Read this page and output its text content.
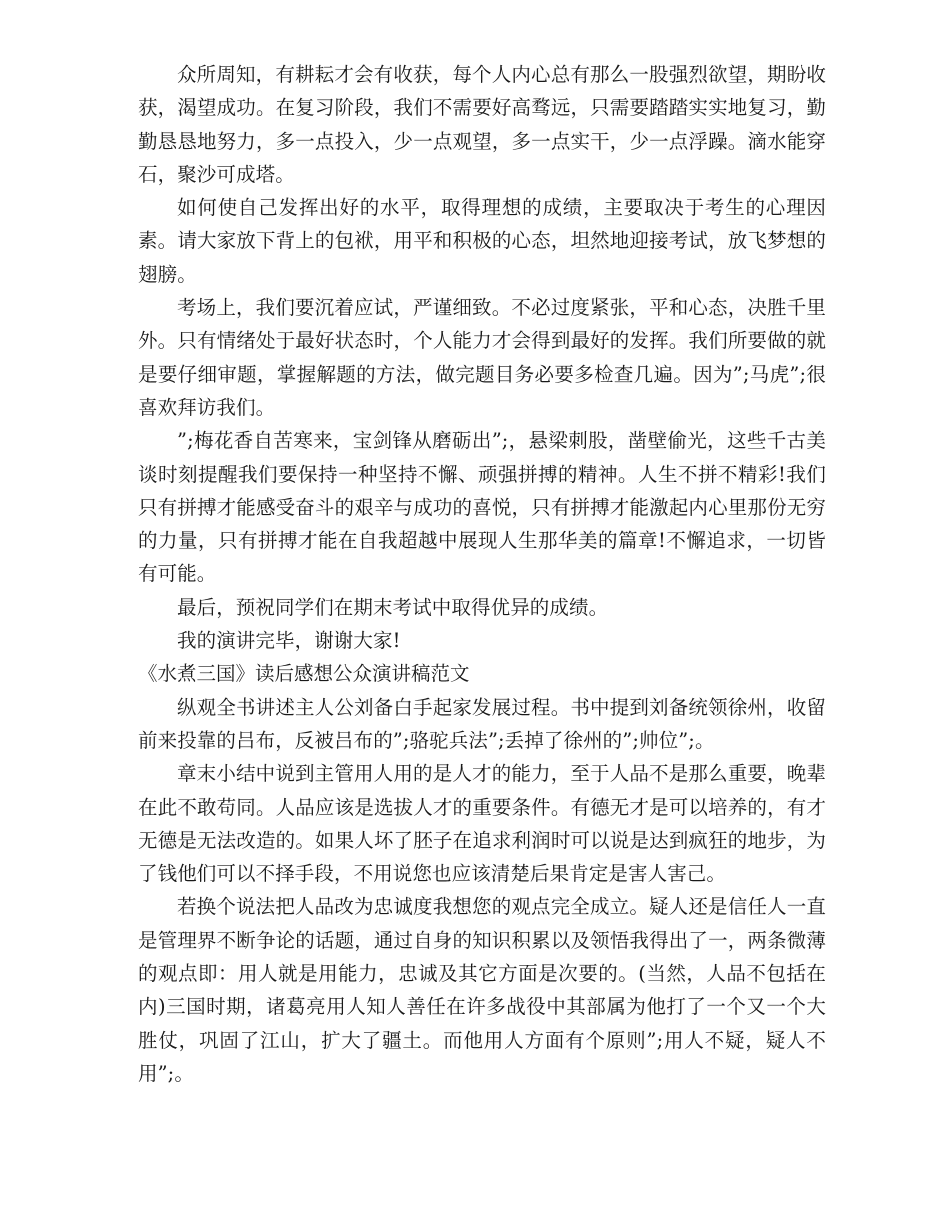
众所周知，有耕耘才会有收获，每个人内心总有那么一股强烈欲望，期盼收获，渴望成功。在复习阶段，我们不需要好高骛远，只需要踏踏实实地复习，勤勤恳恳地努力，多一点投入，少一点观望，多一点实干，少一点浮躁。滴水能穿石，聚沙可成塔。

如何使自己发挥出好的水平，取得理想的成绩，主要取决于考生的心理因素。请大家放下背上的包袱，用平和积极的心态，坦然地迎接考试，放飞梦想的翅膀。

考场上，我们要沉着应试，严谨细致。不必过度紧张，平和心态，决胜千里外。只有情绪处于最好状态时，个人能力才会得到最好的发挥。我们所要做的就是要仔细审题，掌握解题的方法，做完题目务必要多检查几遍。因为”;马虎”;很喜欢拜访我们。

”;梅花香自苦寒来，宝剑锋从磨砺出”;，悬梁刺股，凿壁偷光，这些千古美谈时刻提醒我们要保持一种坚持不懈、顽强拼搏的精神。人生不拼不精彩!我们只有拼搏才能感受奋斗的艰辛与成功的喜悦，只有拼搏才能激起内心里那份无穷的力量，只有拼搏才能在自我超越中展现人生那华美的篇章!不懈追求，一切皆有可能。

最后，预祝同学们在期末考试中取得优异的成绩。

我的演讲完毕，谢谢大家!

《水煮三国》读后感想公众演讲稿范文

纵观全书讲述主人公刘备白手起家发展过程。书中提到刘备统领徐州，收留前来投靠的吕布，反被吕布的”;骆驼兵法”;丢掉了徐州的”;帅位”;。

章末小结中说到主管用人用的是人才的能力，至于人品不是那么重要，晚辈在此不敢苟同。人品应该是选拔人才的重要条件。有德无才是可以培养的，有才无德是无法改造的。如果人坏了胚子在追求利润时可以说是达到疯狂的地步，为了钱他们可以不择手段，不用说您也应该清楚后果肯定是害人害己。

若换个说法把人品改为忠诚度我想您的观点完全成立。疑人还是信任人一直是管理界不断争论的话题，通过自身的知识积累以及领悟我得出了一，两条微薄的观点即：用人就是用能力，忠诚及其它方面是次要的。(当然，人品不包括在内)三国时期，诸葛亮用人知人善任在许多战役中其部属为他打了一个又一个大胜仗，巩固了江山，扩大了疆土。而他用人方面有个原则”;用人不疑，疑人不用”;。
